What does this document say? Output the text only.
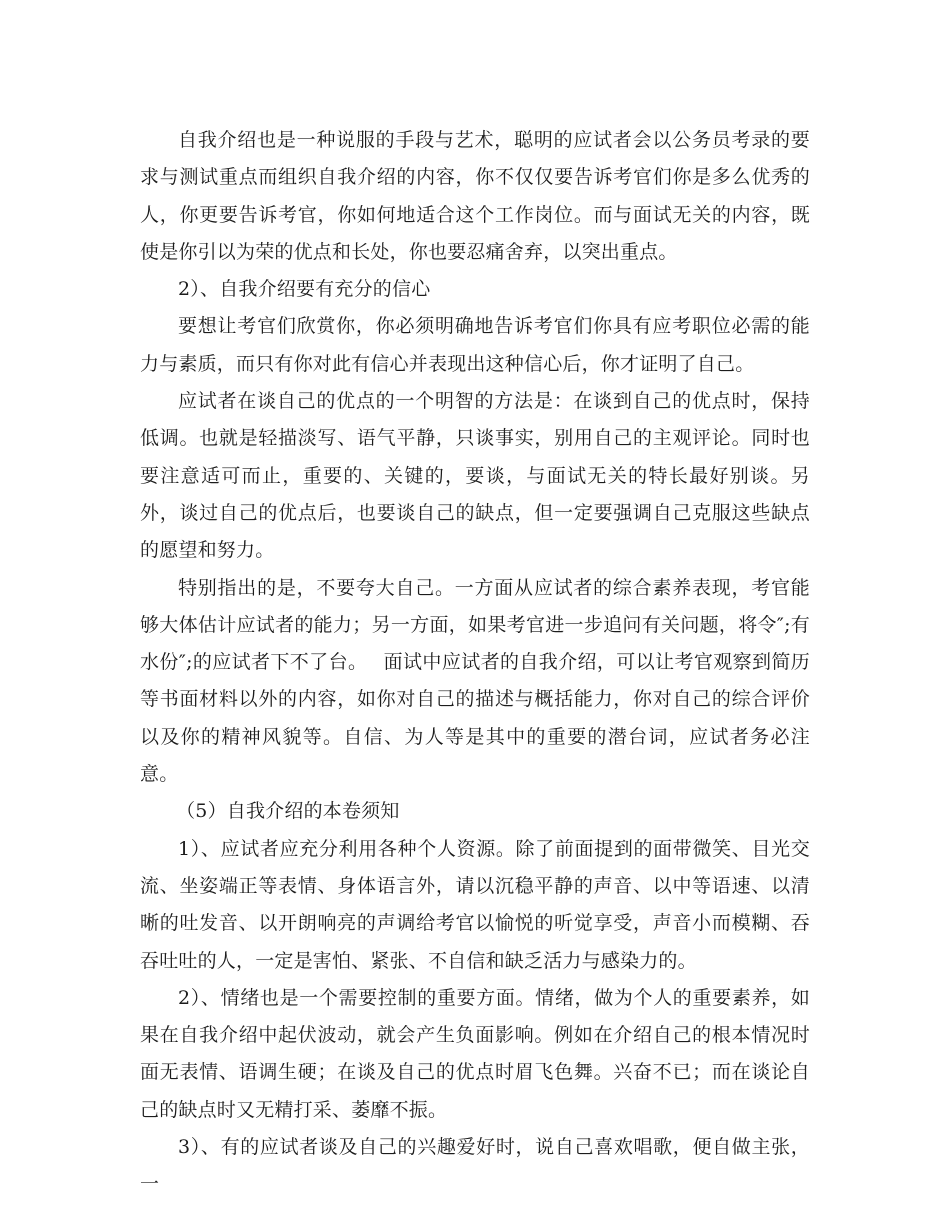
自我介绍也是一种说服的手段与艺术，聪明的应试者会以公务员考录的要求与测试重点而组织自我介绍的内容，你不仅仅要告诉考官们你是多么优秀的人，你更要告诉考官，你如何地适合这个工作岗位。而与面试无关的内容，既使是你引以为荣的优点和长处，你也要忍痛舍弃，以突出重点。

2）、自我介绍要有充分的信心

要想让考官们欣赏你，你必须明确地告诉考官们你具有应考职位必需的能力与素质，而只有你对此有信心并表现出这种信心后，你才证明了自己。

应试者在谈自己的优点的一个明智的方法是：在谈到自己的优点时，保持低调。也就是轻描淡写、语气平静，只谈事实，别用自己的主观评论。同时也要注意适可而止，重要的、关键的，要谈，与面试无关的特长最好别谈。另外，谈过自己的优点后，也要谈自己的缺点，但一定要强调自己克服这些缺点的愿望和努力。

特别指出的是，不要夸大自己。一方面从应试者的综合素养表现，考官能够大体估计应试者的能力；另一方面，如果考官进一步追问有关问题，将令″;有水份″;的应试者下不了台。　 面试中应试者的自我介绍，可以让考官观察到简历等书面材料以外的内容，如你对自己的描述与概括能力，你对自己的综合评价以及你的精神风貌等。自信、为人等是其中的重要的潜台词，应试者务必注意。

（5）自我介绍的本卷须知

1）、应试者应充分利用各种个人资源。除了前面提到的面带微笑、目光交流、坐姿端正等表情、身体语言外，请以沉稳平静的声音、以中等语速、以清晰的吐发音、以开朗响亮的声调给考官以愉悦的听觉享受，声音小而模糊、吞吞吐吐的人，一定是害怕、紧张、不自信和缺乏活力与感染力的。

2）、情绪也是一个需要控制的重要方面。情绪，做为个人的重要素养，如果在自我介绍中起伏波动，就会产生负面影响。例如在介绍自己的根本情况时面无表情、语调生硬；在谈及自己的优点时眉飞色舞。兴奋不已；而在谈论自己的缺点时又无精打采、萎靡不振。

3）、有的应试者谈及自己的兴趣爱好时，说自己喜欢唱歌，便自做主张，一
